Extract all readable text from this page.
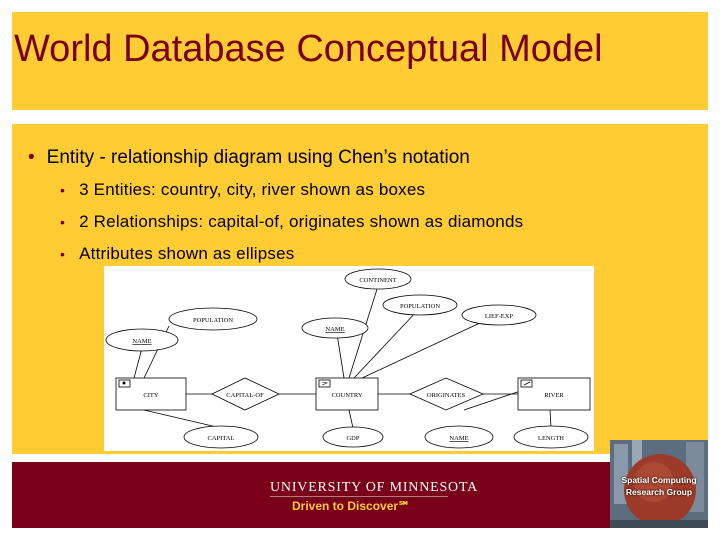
World Database Conceptual Model
• Entity - relationship diagram using Chen’s notation
• 3 Entities: country, city, river shown as boxes
• 2 Relationships: capital-of, originates shown as diamonds
• Attributes shown as ellipses
CITY	COUNTRY	RIVER
CAPITAL-OF	ORIGINATES
CONTINENT
POPULATION
LIEF-EXP
NAME
POPULATION
NAME
CAPITAL	GDP	NAME	LENGTH
UNIVERSITY OF MINNESOTA
Driven to Discover℠
Spatial Computing
Research Group
